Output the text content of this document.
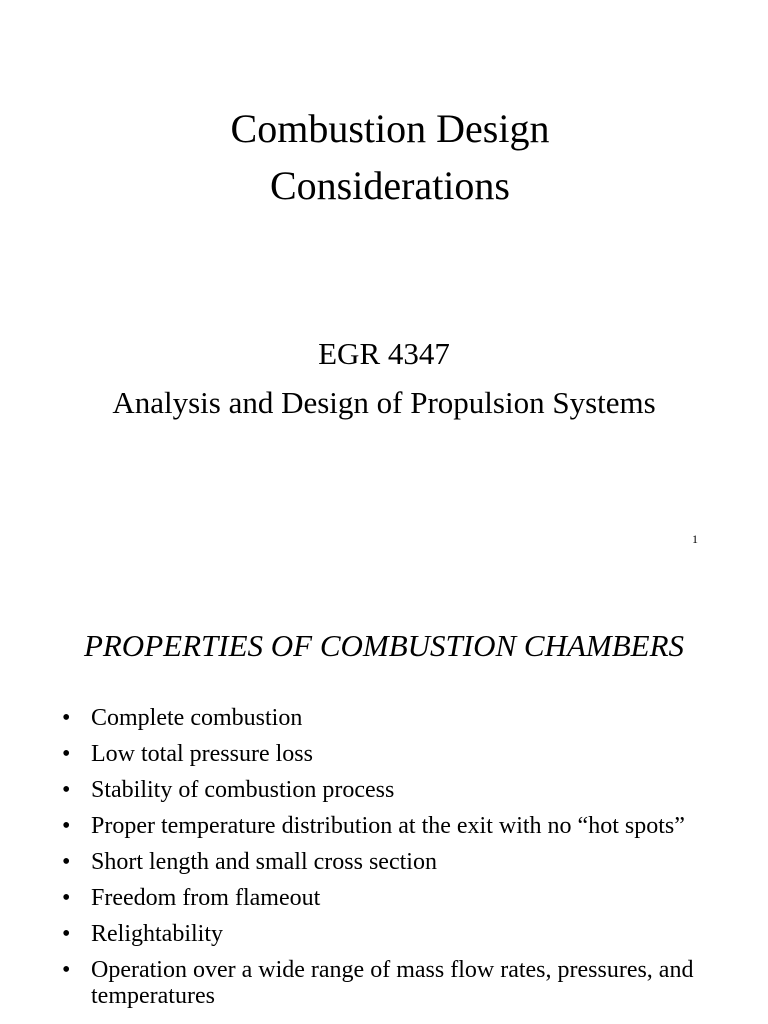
Combustion Design
Considerations
EGR 4347
Analysis and Design of Propulsion Systems
1
PROPERTIES OF COMBUSTION CHAMBERS
• Complete combustion
• Low total pressure loss
• Stability of combustion process
• Proper temperature distribution at the exit with no “hot spots”
• Short length and small cross section
• Freedom from flameout
• Relightability
• Operation over a wide range of mass flow rates, pressures, and temperatures
